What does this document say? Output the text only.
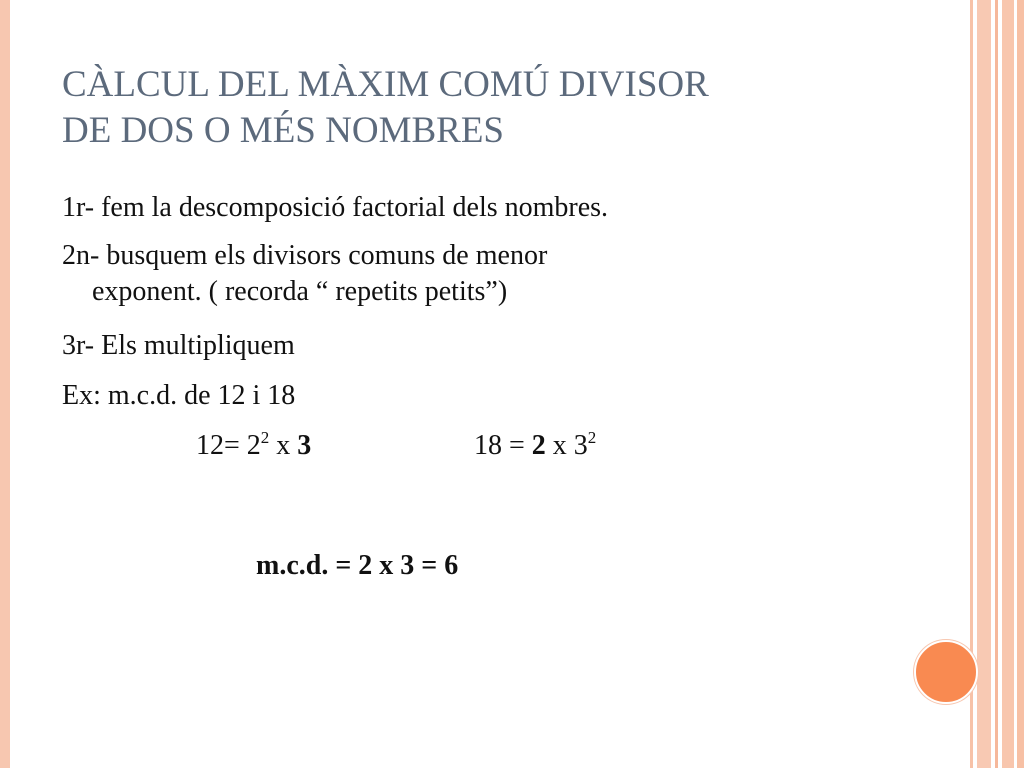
CÀLCUL DEL MÀXIM COMÚ DIVISOR
DE DOS O MÉS NOMBRES
1r- fem la descomposició factorial dels nombres.
2n- busquem els divisors comuns de menor
exponent. ( recorda “ repetits petits”)
3r- Els multipliquem
Ex: m.c.d. de 12 i 18
$12= 2^2$ x 3	18 = 2 x $3^2$
m.c.d. = 2 x 3 = 6
